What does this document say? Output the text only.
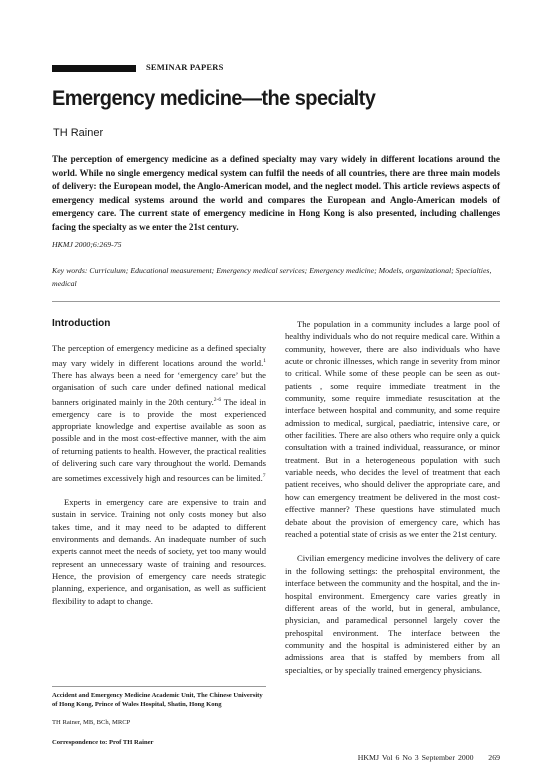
SEMINAR PAPERS
Emergency medicine—the specialty
TH Rainer

The perception of emergency medicine as a defined specialty may vary widely in different locations around the world. While no single emergency medical system can fulfil the needs of all countries, there are three main models of delivery: the European model, the Anglo-American model, and the neglect model. This article reviews aspects of emergency medical systems around the world and compares the European and Anglo-American models of emergency care. The current state of emergency medicine in Hong Kong is also presented, including challenges facing the specialty as we enter the 21st century.

HKMJ 2000;6:269-75

Key words: Curriculum; Educational measurement; Emergency medical services; Emergency medicine; Models, organizational; Specialties, medical

Introduction

The perception of emergency medicine as a defined specialty may vary widely in different locations around the world.$^1$ There has always been a need for ‘emergency care’ but the organisation of such care under defined national medical banners originated mainly in the 20th century.$^{2-6}$ The ideal in emergency care is to provide the most experienced appropriate knowledge and expertise available as soon as possible and in the most cost-effective manner, with the aim of returning patients to health. However, the practical realities of delivering such care vary throughout the world. Demands are sometimes excessively high and resources can be limited.$^7$

Experts in emergency care are expensive to train and sustain in service. Training not only costs money but also takes time, and it may need to be adapted to different environments and demands. An inadequate number of such experts cannot meet the needs of society, yet too many would represent an unnecessary waste of training and resources. Hence, the provision of emergency care needs strategic planning, experience, and organisation, as well as sufficient flexibility to adapt to change.

The population in a community includes a large pool of healthy individuals who do not require medical care. Within a community, however, there are also individuals who have acute or chronic illnesses, which range in severity from minor to critical. While some of these people can be seen as out-patients , some require immediate treatment in the community, some require immediate resuscitation at the interface between hospital and community, and some require admission to medical, surgical, paediatric, intensive care, or other facilities. There are also others who require only a quick consultation with a trained individual, reassurance, or minor treatment. But in a heterogeneous population with such variable needs, who decides the level of treatment that each patient receives, who should deliver the appropriate care, and how can emergency treatment be delivered in the most cost-effective manner? These questions have stimulated much debate about the provision of emergency care, which has reached a potential state of crisis as we enter the 21st century.

Civilian emergency medicine involves the delivery of care in the following settings: the prehospital environment, the interface between the community and the hospital, and the in-hospital environment. Emergency care varies greatly in different areas of the world, but in general, ambulance, physician, and paramedical personnel largely cover the prehospital environment. The interface between the community and the hospital is administered either by an admissions area that is staffed by members from all specialties, or by specially trained emergency physicians.

Accident and Emergency Medicine Academic Unit, The Chinese University of Hong Kong, Prince of Wales Hospital, Shatin, Hong Kong
TH Rainer, MB, BCh, MRCP
Correspondence to: Prof TH Rainer
HKMJ Vol 6 No 3 September 2000 269
